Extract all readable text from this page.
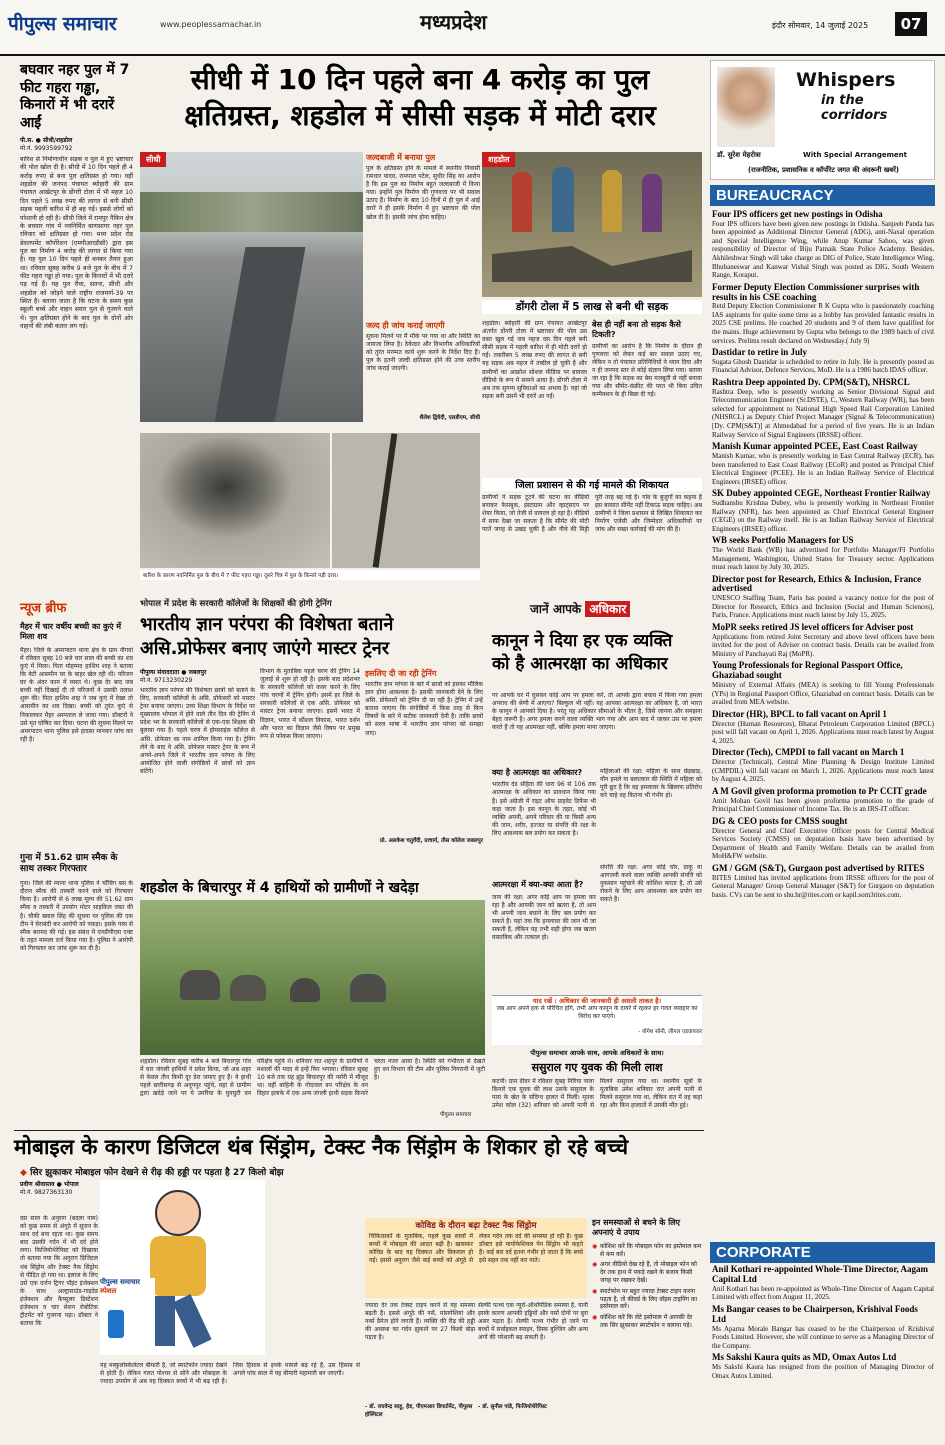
पीपुल्स समाचार	www.peoplessamachar.in	मध्यप्रदेश	इंदौर सोमवार, 14 जुलाई 2025	07
बघवार नहर पुल में 7 फीट गहरा गड्ढा, किनारों में भी दरारें आईं
पी.स. ● सीधी/शहडोल
मो.नं. 9993599792
बारिश से निर्माणाधीन सड़क व पुल में हुए भ्रष्टाचार की पोल खोल दी है। सीधी में 10 दिन पहले ही 4 करोड़ रुपए से बना पुल क्षतिग्रस्त हो गया। वहीं शहडोल की जनपद पंचायत ब्योहारी की ग्राम पंचायत आखेटपुर के डोंगरी टोला में भी महज 10 दिन पहले 5 लाख रुपए की लागत से बनी सीसी सड़क पहली बारिश में ही बह गई। इससे लोगों को परेशानी हो रही है। सीधी जिले में रामपुर नैकिन क्षेत्र के बघवार गांव में नवनिर्मित बाणसागर नहर पुल रविवार को क्षतिग्रस्त हो गया। मध्य प्रदेश रोड डेवलपमेंट कॉर्पोरेशन (एमपीआरडीसी) द्वारा इस पुल का निर्माण 4 करोड़ की लागत से किया गया है। यह पुल 10 दिन पहले ही बनकर तैयार हुआ था। रविवार सुबह करीब 9 बजे पुल के बीच में 7 फीट गहरा गड्ढा हो गया। पुल के किनारों में भी दरारें पड़ गई हैं। यह पुल रीवा, सतना, सीधी और शहडोल को जोड़ने वाले राष्ट्रीय राजमार्ग-39 पर स्थित है। बताया जाता है कि घटना के समय कुछ स्कूली बच्चे और वाहन सवार पुल से गुजरने वाले थे। पुल क्षतिग्रस्त होने के बाद पुल के दोनों ओर वाहनों की लंबी कतार लग गई।
सीधी में 10 दिन पहले बना 4 करोड़ का पुल
क्षतिग्रस्त, शहडोल में सीसी सड़क में मोटी दरार
सीधी	जल्दबाजी में बनाया पुल
पुल के क्षतिग्रस्त होने के मामले में स्थानीय निवासी रामधार यादव, रामपाल पटेल, सुधीर सिंह का आरोप है कि इस पुल का निर्माण बहुत जल्दबाजी में किया गया। इन्होंने पुल निर्माण की गुणवत्ता पर भी सवाल उठाए हैं। निर्माण के बाद 10 दिनों में ही पुल में आई दरारें ने ही इसके निर्माण में हुए भ्रष्टाचार की पोल खोल दी है। इसकी जांच होना चाहिए।
जल्द ही जांच कराई जाएगी
सूचना मिलने पर मैं मौके पर गया था और स्थिति का जायजा लिया है। ठेकेदार और विभागीय अधिकारियों को तुरंत मरम्मत कार्य शुरू करने के निर्देश दिए हैं। पुल के इतनी जल्दी क्षतिग्रस्त होने की उच्च स्तरीय जांच कराई जाएगी।
शैलेश द्विवेदी, एसडीएम, सीधी
शहडोल
डोंगरी टोला में 5 लाख से बनी थी सड़क
शहडोल। ब्योहारी की ग्राम पंचायत आखेटपुर अंतर्गत डोंगरी टोला में भ्रष्टाचार की पोल उस वक्त खुल गई जब महज दस दिन पहले बनी सीसी सड़क में पहली बारिश में ही मोटी दरारें हो गईं। तकरीबन 5 लाख रुपए की लागत से बनी यह सड़क अब महज में तब्दील हो चुकी है और ग्रामीणों का आक्रोश सोशल मीडिया पर बायरल वीडियो के रूप में सामने आया है। डोंगरी टोला में अब तक सुगम्य सुविधाओं का अभाव है। यहां जो सड़क बनी उसमें भी दरारें आ गईं।
बेस ही नहीं बना तो सड़क कैसे टिकती?
ग्रामीणों का आरोप है कि निर्माण के दौरान ही गुणवत्ता को लेकर कई बार सवाल उठाए गए, लेकिन न तो पंचायत प्रतिनिधियों ने ध्यान दिया और न ही जनपद स्तर से कोई संज्ञान लिया गया। बताया जा रहा है कि सड़क का बेस मजबूती से नहीं बनाया गया और सीमेंट-कंक्रीट की परत भी बिना उचित कम्पैक्शन के ही बिछा दी गई।
जिला प्रशासन से की गई मामले की शिकायत
ग्रामीणों ने सड़क टूटने की घटना का वीडियो बनाकर फेसबुक, इंस्टाग्राम और व्हाट्सएप पर शेयर किया, जो तेजी से वायरल हो रहा है। वीडियो में साफ देखा जा सकता है कि सीमेंट की मोटी परतें जगह से उखड़ चुकी है और नीचे की मिट्टी पूरी तरह बह गई है। गांव के बुजुर्गों का कहना है इस बरसात सीमेंट नहीं टिकाऊ सड़क चाहिए। अब ग्रामीणों ने जिला प्रशासन से लिखित शिकायत कर निर्माण एजेंसी और जिम्मेदार अधिकारियों पर जांच और सख्त कार्रवाई की मांग की है।
बारिश के कारण नवनिर्मित पुल के बीच में 7 फीट गहरा गड्ढा। दूसरे चित्र में पुल के किनारे पड़ी दरार।
Whispers
in the corridors
डॉ. सुरेश मेहरोत्रा	With Special Arrangement
(राजनीतिक, प्रशासनिक व कॉर्पोरेट जगत की अंदरूनी खबरें)
BUREAUCRACY
Four IPS officers get new postings in Odisha
Four IPS officers have been given new postings in Odisha. Sanjeeb Panda has been appointed as Additional Director General (ADG), anti-Naxal operation and Special Intelligence Wing, while Anup Kumar Sahoo, was given responsibility of Director of Biju Patnaik State Police Academy. Besides, Akhileshwar Singh will take charge as DIG of Police, State Intelligence Wing, Bhubaneswar and Kanwar Vishal Singh was posted as DIG, South Western Range, Koraput.
Former Deputy Election Commissioner surprises with results in his CSE coaching
Retd Deputy Election Commissioner R K Gupta who is passionately coaching IAS aspirants for quite some time as a hobby has provided fantastic results in 2025 CSE prelims. He coached 20 students and 9 of them have qualified for the mains. Huge achievement by Gupta who belongs to the 1989 batch of civil services. Prelims result declared on Wednesday.( July 9)
Dastidar to retire in July
Sugata Ghosh Dastidar is scheduled to retire in July. He is presently posted as Financial Advisor, Defence Services, MoD. He is a 1986 batch IDAS officer.
Rashtra Deep appointed Dy. CPM(S&T), NHSRCL
Rashtra Deep, who is presently working as Senior Divisional Signal and Telecommunication Engineer (Sr.DSTE), C, Western Railway (WR), has been selected for appointment to National High Speed Rail Corporation Limited (NHSRCL) as Deputy Chief Project Manager (Signal & Telecommunication) [Dy. CPM(S&T)] at Ahmedabad for a period of five years. He is an Indian Railway Service of Signal Engineers (IRSSE) officer.
Manish Kumar appointed PCEE, East Coast Railway
Manish Kumar, who is presently working in East Central Railway (ECR), has been transferred to East Coast Railway (ECoR) and posted as Principal Chief Electrical Engineer (PCEE). He is an Indian Railway Service of Electrical Engineers (IRSEE) officer.
SK Dubey appointed CEGE, Northeast Frontier Railway
Sudhanshu Krishna Dubey, who is presently working in Northeast Frontier Railway (NFR), has been appointed as Chief Electrical General Engineer (CEGE) on the Railway itself. He is an Indian Railway Service of Electrical Engineers (IRSEE) officer.
WB seeks Portfolio Managers for US
The World Bank (WB) has advertised for Portfolio Manager/FI Portfolio Management, Washington, United States for Treasury sector. Applications must reach latest by July 30, 2025.
Director post for Research, Ethics & Inclusion, France advertised
UNESCO Staffing Team, Paris has posted a vacancy notice for the post of Director for Research, Ethics and Inclusion (Social and Human Sciences), Paris, France. Applications must reach latest by July 15, 2025.
MoPR seeks retired JS level officers for Adviser post
Applications from retired Joint Secretary and above level officers have been invited for the post of Adviser on contract basis. Details can be availed from Ministry of Panchayati Raj (MoPR).
Young Professionals for Regional Passport Office, Ghaziabad sought
Ministry of External Affairs (MEA) is seeking to fill Young Professionals (YPs) in Regional Passport Office, Ghaziabad on contract basis. Details can be availed from MEA website.
Director (HR), BPCL to fall vacant on April 1
Director (Human Resources), Bharat Petroleum Corporation Limited (BPCL) post will fall vacant on April 1, 2026. Applications must reach latest by August 4, 2025.
Director (Tech), CMPDI to fall vacant on March 1
Director (Technical), Central Mine Planning & Design Institute Limited (CMPDIL) will fall vacant on March 1, 2026. Applications must reach latest by August 4, 2025.
A M Govil given proforma promotion to Pr CCIT grade
Amit Mohan Govil has been given proforma promotion to the grade of Principal Chief Commissioner of Income Tax. He is an IRS-IT officer.
DG & CEO posts for CMSS sought
Director General and Chief Executive Officer posts for Central Medical Services Society (CMSS) on deputation basis have been advertised by Department of Health and Family Welfare. Details can be availed from MoH&FW website.
GM / GGM (S&T), Gurgaon post advertised by RITES
RITES Limited has invited applications from IRSSE officers for the post of General Manager/ Group General Manager (S&T) for Gurgaon on deputation basis. CVs can be sent to shu.hr@rites.com or kapil.som3rites.com.
CORPORATE
Anil Kothari re-appointed Whole-Time Director, Aagam Capital Ltd
Anil Kothari has been re-appointed as Whole-Time Director of Aagam Capital Limited with effect from August 11, 2025.
Ms Bangar ceases to be Chairperson, Krishival Foods Ltd
Ms Aparna Morale Bangar has ceased to be the Chairperson of Krishival Foods Limited. However, she will continue to serve as a Managing Director of the Company.
Ms Sakshi Kaura quits as MD, Omax Autos Ltd
Ms Sakshi Kaura has resigned from the position of Managing Director of Omax Autos Limited.
न्यूज ब्रीफ
मैहर में चार वर्षीय बच्ची का कुएं में मिला शव
मैहर। जिले के अमरपाटन थाना क्षेत्र के ग्राम नौगवां में रविवार सुबह 10 बजे चार साल की बच्ची का शव कुएं में मिला। पिता मोहम्मद हाशिम शाह ने बताया कि बेटी आसमीन घर के बाहर खेल रही थी। परिजन घर के अंदर काम में व्यस्त थे। कुछ देर बाद जब बच्ची नहीं दिखाई दी तो परिजनों ने उसकी तलाश शुरू की। पिता हाशिम शाह ने जब कुएं में देखा तो आसमीन का शव दिखा। बच्ची को तुरंत कुएं से निकालकर मैहर अस्पताल ले जाया गया। डॉक्टरों ने उसे मृत घोषित कर दिया। घटना की सूचना मिलने पर अमरपाटन थाना पुलिस इसे हादसा मानकर जांच कर रही है।
गुना में 51.62 ग्राम स्मैक के साथ तस्कर गिरफ्तार
गुना। जिले की म्याना थाना पुलिस ने चाँचिंग बस के दौरान स्मैक की तस्करी करने वाले को गिरफ्तार किया है। आरोपी से 6 लाख मूल्य की 51.62 ग्राम स्मैक व तस्करी में उपयोग मोटर साइकिल जब्त की है। चौकी ख्याल सिंह की सूचना पर पुलिस की एक टीम ने घेराबंदी कर आरोपी को पकड़ा। इसके पास से स्मैक बरामद की गई। इस संबंध में एनडीपीएस एक्ट के तहत मामला दर्ज किया गया है। पुलिस ने आरोपी को गिरफ्तार कर जांच शुरू कर दी है।
भोपाल में प्रदेश के सरकारी कॉलेजों के शिक्षकों की होगी ट्रेनिंग
भारतीय ज्ञान परंपरा की विशेषता बताने
असि.प्रोफेसर बनाए जाएंगे मास्टर ट्रेनर
पीपुल्स संवाददाता ● जबलपुर
मो.नं. 9713230229
भारतीय ज्ञान परंपरा की विशेषता छात्रों को बताने के लिए, सरकारी कॉलेजों के असि. प्रोफेसरों को मास्टर ट्रेनर बनाया जाएगा। उच्च शिक्षा विभाग के निर्देश पर मुख्यालय भोपाल में होने वाले तीन दिन की ट्रेनिंग में प्रदेश भर के सरकारी कॉलेजों से एक-एक शिक्षक की बुलाया गया है। पहले चरण में होमसाइंस कॉलेज से असि. प्रोफेसर का नाम शामिल किया गया है। ट्रेनिंग लेने के बाद ये असि. प्रोफेसर मास्टर ट्रेनर के रूप में अपने-अपने जिले में भारतीय ज्ञान परंपरा के लिए आयोजित होने वाली संगोष्ठियों में छात्रों को ज्ञान बांटेंगे।
विभाग के मुताबिक पहले चरण की ट्रेनिंग 14 जुलाई से शुरू हो रही है। इसके बाद प्रदेशभर के सरकारी कॉलेजों को कवर करने के लिए पांच चरणों में ट्रेनिंग होगी। इसमें हर जिले के सरकारी कॉलेजों से एक असि. प्रोफेसर को मास्टर ट्रेनर बनाया जाएगा। इसमें भारत में विज्ञान, भारत में कौशल विकास, भारत दर्शन और भारत का विज्ञान जैसे विषय पर प्रमुख रूप से फोकस किया जाएगा।
इसलिए दी जा रही ट्रेनिंग
भारतीय ज्ञान परंपरा के बारे में छात्रों को इसका मौलिक ज्ञान होना आवश्यक है। इसकी जानकारी देने के लिए असि. प्रोफेसरों को ट्रेनिंग दी जा रही है। ट्रेनिंग में उन्हें बताया जाएगा कि संगोष्ठियों में किस तरह से किन विषयों के बारे में सटीक जानकारी देनी है। ताकि छात्रों को सरल भाषा में भारतीय ज्ञान परंपरा को समझा जाए।
प्रो. अलकेश चतुर्वेदी, प्राचार्य, तीस कॉलेज जबलपुर
शहडोल के बिचारपुर में 4 हाथियों को ग्रामीणों ने खदेड़ा
शहडोल। रविवार सुबह करीब 4 बजे बिचारपुर गांव में चार जंगली हाथियों ने प्रवेश किया, जो अब शहर से केवल तीन किमी दूर डेरा जमाए हुए हैं। ये हाथी पहले छत्तीसगढ़ से अनूपपुर पहुंचे, वहां से ग्रामीण द्वारा खदेड़े जाने पर ये उमरिया के घुनघुटी वन परिक्षेत्र पहुंचे थे। शनिवार रात शहपुर के ग्रामीणों ने मशालों की मदद से इन्हें फिर भगाया। रविवार सुबह 10 बजे तक यह झुंड बिचारपुर की नर्सरी में मौजूद था। वहीं बाहिनी के गोदावल वन परिक्षेत्र के वन विहार इलाके में एक अन्य जंगली हाथी सड़क किनारे चरता नजर आया है। स्थिति को गंभीरता से देखते हुए वन विभाग की टीम और पुलिस निगरानी में जुटी है।
पीपुल्स समाचार
जानें आपके अधिकार
कानून ने दिया हर एक व्यक्ति
को है आत्मरक्षा का अधिकार
गर आपके घर में घुसकर कोई आप पर हमला करे, तो आपके द्वारा बचाव में किया गया हमला अपराध की श्रेणी में आएगा? बिल्कुल भी नहीं। यह आपका आत्मरक्षा का अधिकार है, जो भारत के कानून ने आपको दिया है। परंतु यह अधिकार सीमाओं के भीतर है, जिसे जानना और समझना बेहद जरूरी है। अगर हमला करने वाला व्यक्ति भाग गया और आप बाद में जाकर उस पर हमला करते हैं तो यह आत्मरक्षा नहीं, बल्कि हमला माना जाएगा।
क्या है आत्मरक्षा का अधिकार?
भारतीय दंड संहिता की धारा 96 से 106 तक आत्मरक्षा के अधिकार का प्रावधान किया गया है। इसे अंग्रेजी में राइट ऑफ प्राइवेट डिफेंस भी कहा जाता है। इस कानून के तहत, कोई भी व्यक्ति अपनी, अपने परिवार की या किसी अन्य की जान, शरीर, इज्जत या संपत्ति की रक्षा के लिए आवश्यक बल प्रयोग कर सकता है।
आत्मरक्षा में क्या-क्या आता है?
जान की रक्षा: अगर कोई आप पर हमला कर रहा है और आपकी जान को खतरा है, तो आप भी अपनी जान बचाने के लिए बल प्रयोग कर सकते हैं। यहां तक कि हमलावर की जान भी जा सकती है, लेकिन यह तभी सही होगा जब खतरा वास्तविक और तत्काल हो।
महिलाओं की रक्षा: महिला के साथ छेड़छाड़, यौन हमले या बलात्कार की स्थिति में महिला को पूरी छूट है कि वह हमलावर के खिलाफ प्रतिरोध करे चाहे वह कितना भी गंभीर हो।
संपत्ति की रक्षा: अगर कोई चोर, डाकू या आगजनी करने वाला व्यक्ति आपकी संपत्ति को नुकसान पहुंचाने की कोशिश करता है, तो उसे रोकने के लिए आप आवश्यक बल प्रयोग कर सकते हैं।
याद रखें : अधिकार की जानकारी ही असली ताकत है।
जब आप अपने हक से परिचित होंगे, तभी आप कानून के दायरे में रहकर हर गलत व्यवहार का विरोध कर पाएंगे।
- योगेश सोनी, लीगल एडवायजर
पीपुल्स समाचार आपके साथ, आपके अधिकारों के साथ।
ससुराल गए युवक की मिली लाश
कटनी। ग्राम दीवर में रविवार सुबह निरिया नाला किनारे एक युवक की लाश उसके ससुराल के पास के खेत के संदिग्ध हालत में मिली। मृतक उमेश कोल (32) शनिवार को अपनी पत्नी से मिलने ससुराल गया था। स्थानीय सूत्रों के मुताबिक उमेश शनिवार रात अपनी पत्नी से मिलने ससुराल गया था, लेकिन रात में वह कहां रहा और किन हालातों में उसकी मौत हुई।
मोबाइल के कारण डिजिटल थंब सिंड्रोम, टेक्स्ट नैक सिंड्रोम के शिकार हो रहे बच्चे
◆ सिर झुकाकर मोबाइल फोन देखने से रीढ़ की हड्डी पर पड़ता है 27 किलो बोझ
प्रवीण श्रीवास्तव ● भोपाल
मो.नं. 9827363130
दस साल के अनुराग (बदला नाम) को कुछ समय से अंगूठे में सूजन के साथ दर्द बना रहता था। कुछ समय बाद उसकी गर्दन में भी दर्द होने लगा। फिजियोथेरेपिस्ट को दिखाया तो बताया गया कि अनुराग डिजिटल थंब सिंड्रोम और टेक्स्ट नैक सिंड्रोम से पीड़ित हो गया था। इलाज के लिए उसे एक दर्जन ट्रिगर पॉइंट इंजेक्शन के साथ अल्ट्रासाउंड-गाइडेड इंजेक्शन और कैप्सूलर डिस्टेंशन इंजेक्शन व चार सेशन रोबोटिक ट्रीटमेंट को गुजरना पड़ा। डॉक्टर ने बताया कि
पीपुल्स समाचार
स्पेशल
यह मस्कुलोस्केलेटल बीमारी है, जो स्मार्टफोन ज्यादा देखने से होती है। लेकिन गलत पोश्चर से सोने और मोबाइल के ज्यादा उपयोग से अब यह दिक्कत बच्चों में भी बढ़ रही है। जिस हिसाब से इनके मामले बढ़ रहे हैं, उस हिसाब से अगले पांच साल में यह बीमारी महामारी बन जाएगी।
कोविड के दौरान बढ़ा टेक्स्ट नैक सिंड्रोम
चिकित्सकों के मुताबिक, पहले कुछ सालों में बच्चों में मोबाइल की आदत बढ़ी है। खासकर कोविड के बाद यह दिक्कत और विकराल हो गई। इससे अनुराग जैसे कई बच्चों को अंगूठे से लेकर गर्दन तक दर्द की समस्या हो रही है। कुछ डॉक्टर इसे मायोफेशियल पेन सिंड्रोम भी कहते हैं। कई बार दर्द इतना गंभीर हो जाता है कि बच्चे इसे सहन तक नहीं कर पाते।
ज्यादा देर तक टेक्स्ट टाइप करने से यह समस्या बढ़ती है। इससे अंगूठे की नसें, मांसपेशियां और नर्व्स डैमेज होने लगती हैं। व्यक्ति की रीढ़ की हड्डी की अवस्था का गर्दन झुकाने पर 27 किलो बोझ पड़ता है।
- डॉ. राघवेन्द्र साहू, हेड, पीएमआर डिपार्टमेंट, पीपुल्स हॉस्पिटल
सेल्फी पत्थ्य एक न्यूरो-ऑर्थोपेडिक समस्या है, यानी इसके कारण आपकी हड्डियों और नसों दोनों पर बुरा असर पड़ता है। सेल्फी पत्थ्य गंभीर हो जाने पर बच्चों में सर्वाइकल स्पाइन, डिस्क बुल्जिंग और अन्य अंगों की परेशानी बढ़ सकती है।
- डॉ. सुनील पांडे, फिजियोथेरेपिस्ट
इन समस्याओं से बचने के लिए अपनाएं ये उपाय
◉ कोशिश करें कि मोबाइल फोन का इस्तेमाल कम से कम करें।
◉ अगर वीडियो देख रहे हैं, तो मोबाइल फोन को देर तक हाथ में पकड़े रखने के बजाय किसी जगह पर रखकर देखें।
◉ स्मार्टफोन पर बहुत ज्यादा टेक्स्ट टाइप करना पड़ता है, तो कीवर्ड के लिए वॉइस टाइपिंग का इस्तेमाल करें।
◉ कोशिश करें कि लेटे इस्तेमाल में आपकी देर तक सिर झुकाकर स्मार्टफोन न चलाना पड़े।
